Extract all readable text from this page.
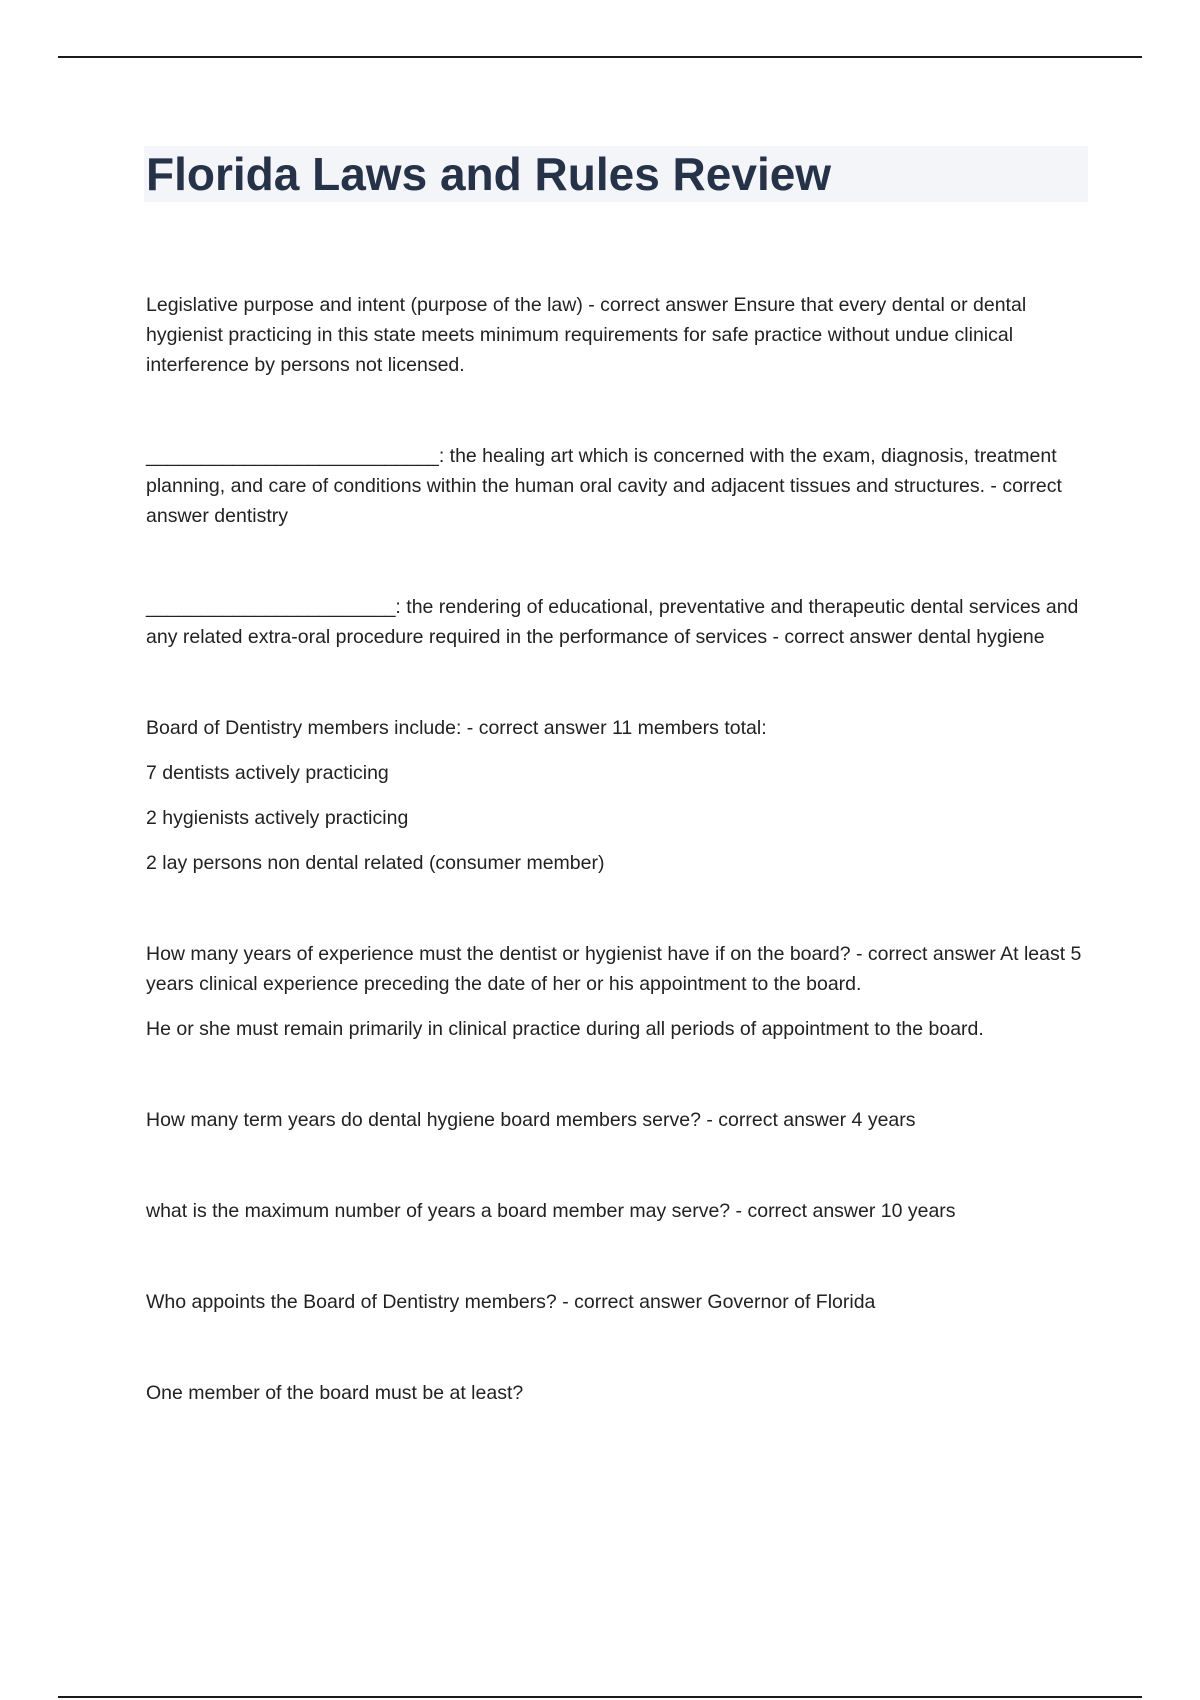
Florida Laws and Rules Review

Legislative purpose and intent (purpose of the law) - correct answer Ensure that every dental or dental hygienist practicing in this state meets minimum requirements for safe practice without undue clinical interference by persons not licensed.

___________________________: the healing art which is concerned with the exam, diagnosis, treatment planning, and care of conditions within the human oral cavity and adjacent tissues and structures. - correct answer dentistry

_______________________: the rendering of educational, preventative and therapeutic dental services and any related extra-oral procedure required in the performance of services - correct answer dental hygiene

Board of Dentistry members include: - correct answer 11 members total:

7 dentists actively practicing

2 hygienists actively practicing

2 lay persons non dental related (consumer member)

How many years of experience must the dentist or hygienist have if on the board? - correct answer At least 5 years clinical experience preceding the date of her or his appointment to the board.

He or she must remain primarily in clinical practice during all periods of appointment to the board.

How many term years do dental hygiene board members serve? - correct answer 4 years

what is the maximum number of years a board member may serve? - correct answer 10 years

Who appoints the Board of Dentistry members? - correct answer Governor of Florida

One member of the board must be at least?
